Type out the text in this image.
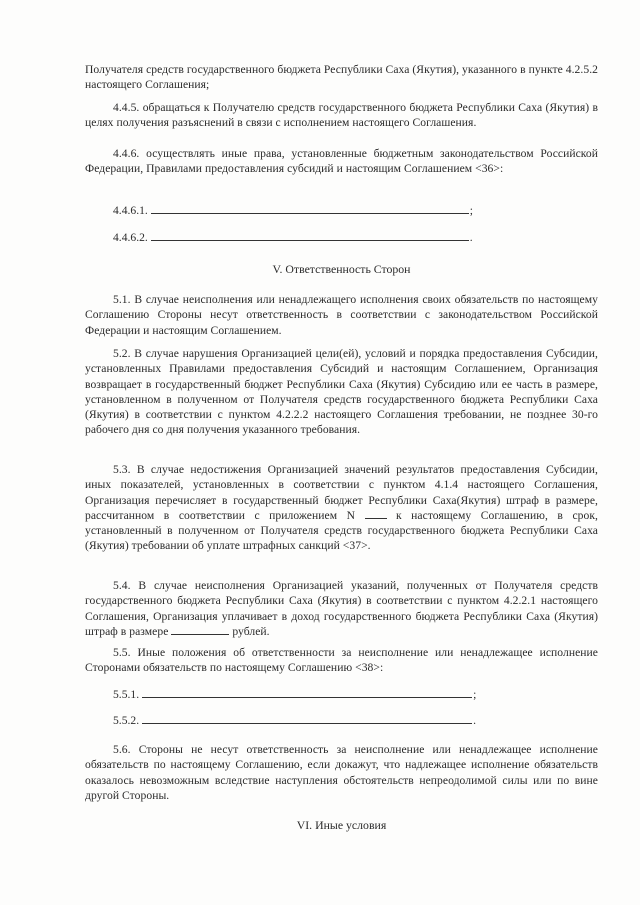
Получателя средств государственного бюджета Республики Саха (Якутия), указанного в пункте 4.2.5.2 настоящего Соглашения;
4.4.5. обращаться к Получателю средств государственного бюджета Республики Саха (Якутия) в целях получения разъяснений в связи с исполнением настоящего Соглашения.
4.4.6. осуществлять иные права, установленные бюджетным законодательством Российской Федерации, Правилами предоставления субсидий и настоящим Соглашением <36>:
4.4.6.1.	;
4.4.6.2.	.
V. Ответственность Сторон
5.1. В случае неисполнения или ненадлежащего исполнения своих обязательств по настоящему Соглашению Стороны несут ответственность в соответствии с законодательством Российской Федерации и настоящим Соглашением.
5.2. В случае нарушения Организацией цели(ей), условий и порядка предоставления Субсидии, установленных Правилами предоставления Субсидий и настоящим Соглашением, Организация возвращает в государственный бюджет Республики Саха (Якутия) Субсидию или ее часть в размере, установленном в полученном от Получателя средств государственного бюджета Республики Саха (Якутия) в соответствии с пунктом 4.2.2.2 настоящего Соглашения требовании, не позднее 30-го рабочего дня со дня получения указанного требования.
5.3. В случае недостижения Организацией значений результатов предоставления Субсидии, иных показателей, установленных в соответствии с пунктом 4.1.4 настоящего Соглашения, Организация перечисляет в государственный бюджет Республики Саха(Якутия) штраф в размере, рассчитанном в соответствии с приложением N	к настоящему Соглашению, в срок, установленный в полученном от Получателя средств государственного бюджета Республики Саха (Якутия) требовании об уплате штрафных санкций <37>.
5.4. В случае неисполнения Организацией указаний, полученных от Получателя средств государственного бюджета Республики Саха (Якутия) в соответствии с пунктом 4.2.2.1 настоящего Соглашения, Организация уплачивает в доход государственного бюджета Республики Саха (Якутия) штраф в размере	рублей.
5.5. Иные положения об ответственности за неисполнение или ненадлежащее исполнение Сторонами обязательств по настоящему Соглашению <38>:
5.5.1.	;
5.5.2.	.
5.6. Стороны не несут ответственность за неисполнение или ненадлежащее исполнение обязательств по настоящему Соглашению, если докажут, что надлежащее исполнение обязательств оказалось невозможным вследствие наступления обстоятельств непреодолимой силы или по вине другой Стороны.
VI. Иные условия
